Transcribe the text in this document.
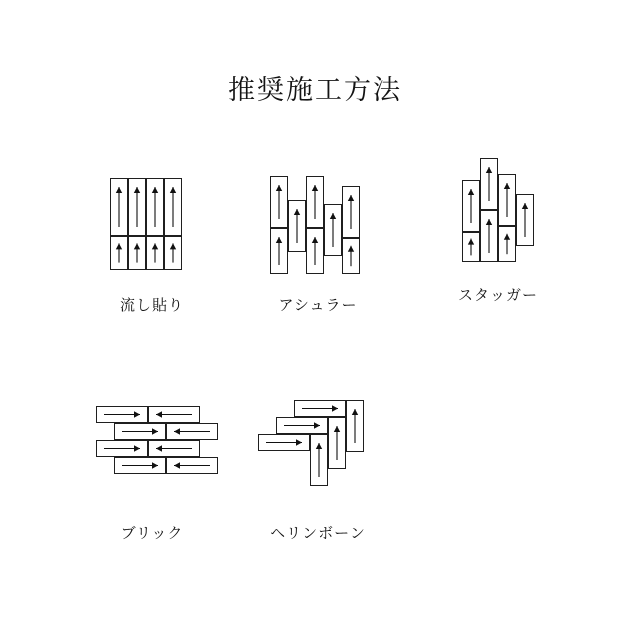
推奨施工方法
流し貼り	アシュラー
スタッガー
ブリック	ヘリンボーン
